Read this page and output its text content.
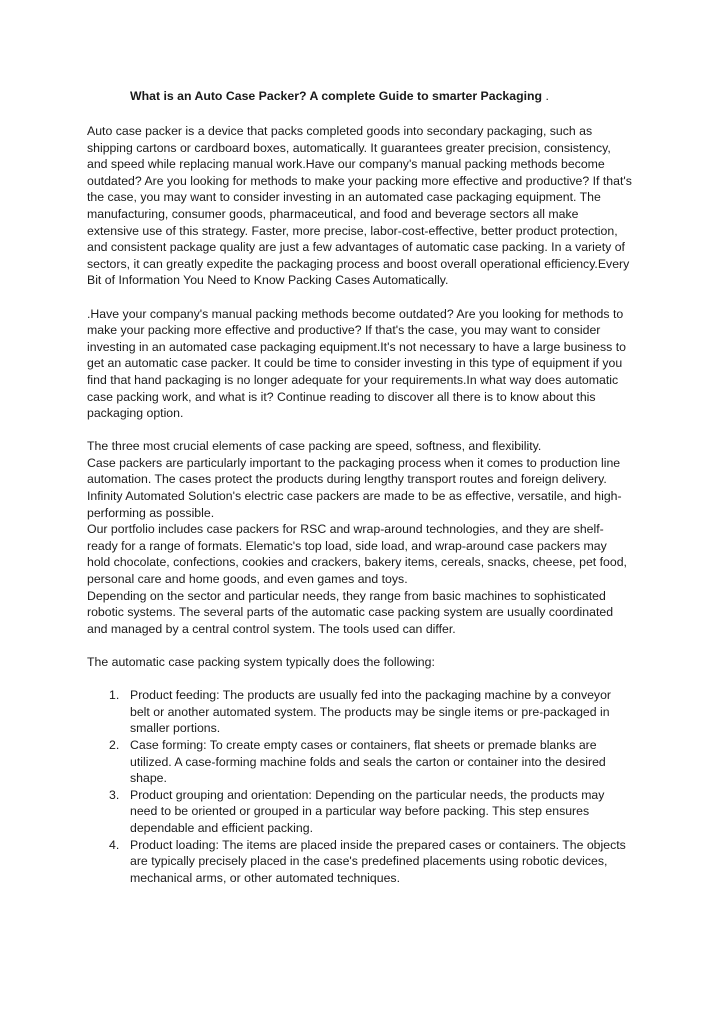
What is an Auto Case Packer? A complete Guide to smarter Packaging .

Auto case packer is a device that packs completed goods into secondary packaging, such as shipping cartons or cardboard boxes, automatically. It guarantees greater precision, consistency, and speed while replacing manual work.Have our company's manual packing methods become outdated? Are you looking for methods to make your packing more effective and productive? If that's the case, you may want to consider investing in an automated case packaging equipment. The manufacturing, consumer goods, pharmaceutical, and food and beverage sectors all make extensive use of this strategy. Faster, more precise, labor-cost-effective, better product protection, and consistent package quality are just a few advantages of automatic case packing. In a variety of sectors, it can greatly expedite the packaging process and boost overall operational efficiency.Every Bit of Information You Need to Know Packing Cases Automatically.

.Have your company's manual packing methods become outdated? Are you looking for methods to make your packing more effective and productive? If that's the case, you may want to consider investing in an automated case packaging equipment.It's not necessary to have a large business to get an automatic case packer. It could be time to consider investing in this type of equipment if you find that hand packaging is no longer adequate for your requirements.In what way does automatic case packing work, and what is it? Continue reading to discover all there is to know about this packaging option.

The three most crucial elements of case packing are speed, softness, and flexibility.

Case packers are particularly important to the packaging process when it comes to production line automation. The cases protect the products during lengthy transport routes and foreign delivery. Infinity Automated Solution's electric case packers are made to be as effective, versatile, and high-performing as possible.

Our portfolio includes case packers for RSC and wrap-around technologies, and they are shelf-ready for a range of formats. Elematic's top load, side load, and wrap-around case packers may hold chocolate, confections, cookies and crackers, bakery items, cereals, snacks, cheese, pet food, personal care and home goods, and even games and toys.

Depending on the sector and particular needs, they range from basic machines to sophisticated robotic systems. The several parts of the automatic case packing system are usually coordinated and managed by a central control system. The tools used can differ.

The automatic case packing system typically does the following:

1. Product feeding: The products are usually fed into the packaging machine by a conveyor belt or another automated system. The products may be single items or pre-packaged in smaller portions.
2. Case forming: To create empty cases or containers, flat sheets or premade blanks are utilized. A case-forming machine folds and seals the carton or container into the desired shape.
3. Product grouping and orientation: Depending on the particular needs, the products may need to be oriented or grouped in a particular way before packing. This step ensures dependable and efficient packing.
4. Product loading: The items are placed inside the prepared cases or containers. The objects are typically precisely placed in the case's predefined placements using robotic devices, mechanical arms, or other automated techniques.
